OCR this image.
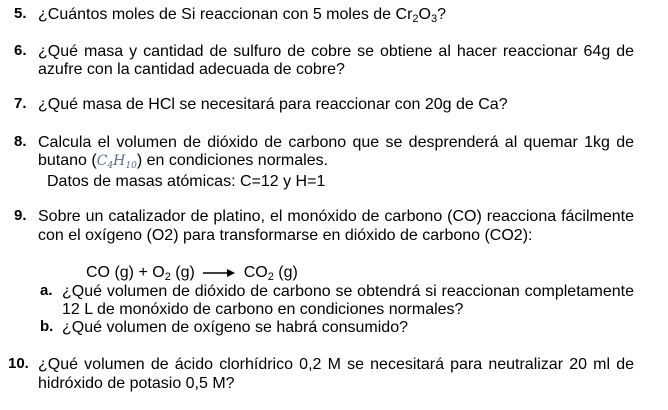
5. ¿Cuántos moles de Si reaccionan con 5 moles de $Cr_2O_3$?
6. ¿Qué masa y cantidad de sulfuro de cobre se obtiene al hacer reaccionar 64g de
azufre con la cantidad adecuada de cobre?
7. ¿Qué masa de HCl se necesitará para reaccionar con 20g de Ca?
8. Calcula el volumen de dióxido de carbono que se desprenderá al quemar 1kg de
butano $(C_4H_{10})$ en condiciones normales.
Datos de masas atómicas: C=12 y H=1
9. Sobre un catalizador de platino, el monóxido de carbono (CO) reacciona fácilmente
con el oxígeno (O2) para transformarse en dióxido de carbono (CO2):
CO $(g) + O_2$ $(g) \to CO_2$ (g)
a. ¿Qué volumen de dióxido de carbono se obtendrá si reaccionan completamente
12 L de monóxido de carbono en condiciones normales?
b. ¿Qué volumen de oxígeno se habrá consumido?
10. ¿Qué volumen de ácido clorhídrico 0,2 M se necesitará para neutralizar 20 ml de
hidróxido de potasio 0,5 M?
